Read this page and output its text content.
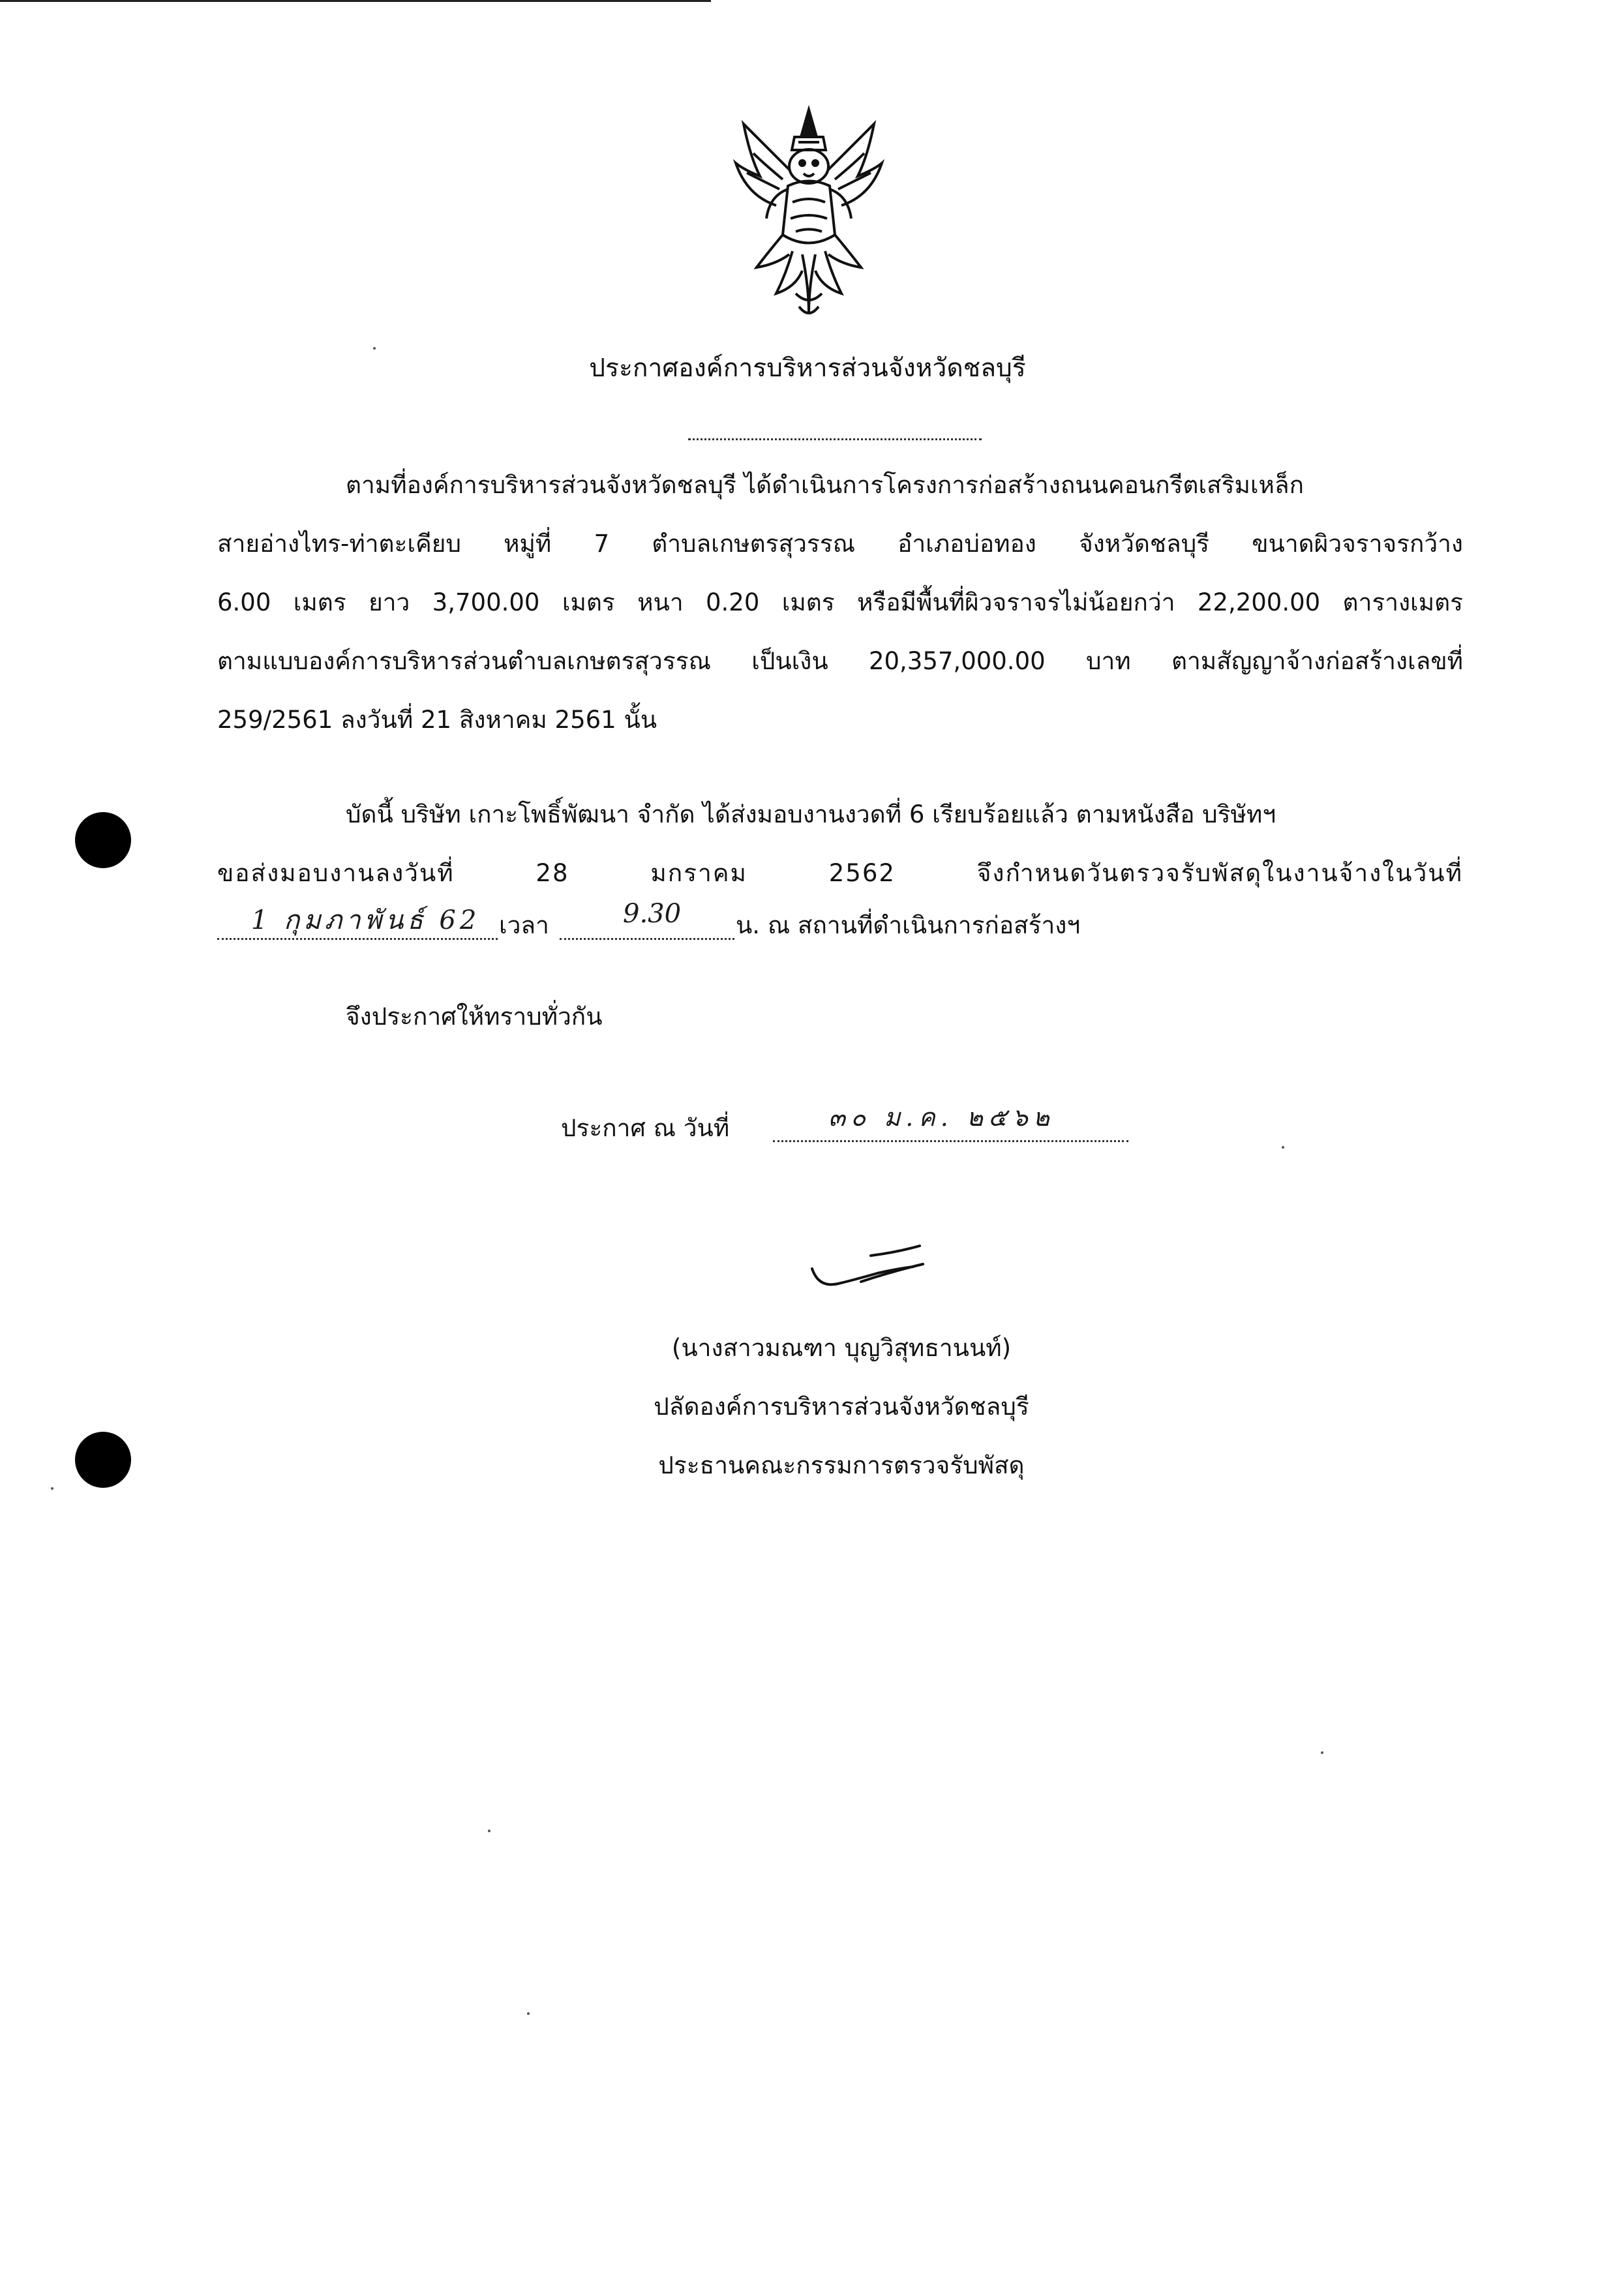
ประกาศองค์การบริหารส่วนจังหวัดชลบุรี
ตามที่องค์การบริหารส่วนจังหวัดชลบุรี ได้ดำเนินการโครงการก่อสร้างถนนคอนกรีตเสริมเหล็ก
สายอ่างไทร-ท่าตะเคียบ หมู่ที่ 7 ตำบลเกษตรสุวรรณ อำเภอบ่อทอง จังหวัดชลบุรี ขนาดผิวจราจรกว้าง
6.00 เมตร ยาว 3,700.00 เมตร หนา 0.20 เมตร หรือมีพื้นที่ผิวจราจรไม่น้อยกว่า 22,200.00 ตารางเมตร
ตามแบบองค์การบริหารส่วนตำบลเกษตรสุวรรณ เป็นเงิน 20,357,000.00 บาท ตามสัญญาจ้างก่อสร้างเลขที่
259/2561 ลงวันที่ 21 สิงหาคม 2561 นั้น
บัดนี้ บริษัท เกาะโพธิ์พัฒนา จำกัด ได้ส่งมอบงานงวดที่ 6 เรียบร้อยแล้ว ตามหนังสือ บริษัทฯ
ขอส่งมอบงานลงวันที่ 28 มกราคม 2562 จึงกำหนดวันตรวจรับพัสดุในงานจ้างในวันที่
1 กุมภาพันธ์ 62 เวลา	9.30 น. ณ สถานที่ดำเนินการก่อสร้างฯ
จึงประกาศให้ทราบทั่วกัน
ประกาศ ณ วันที่	๓๐ ม.ค. ๒๕๖๒
(นางสาวมณฑา บุญวิสุทธานนท์)
ปลัดองค์การบริหารส่วนจังหวัดชลบุรี
ประธานคณะกรรมการตรวจรับพัสดุ
